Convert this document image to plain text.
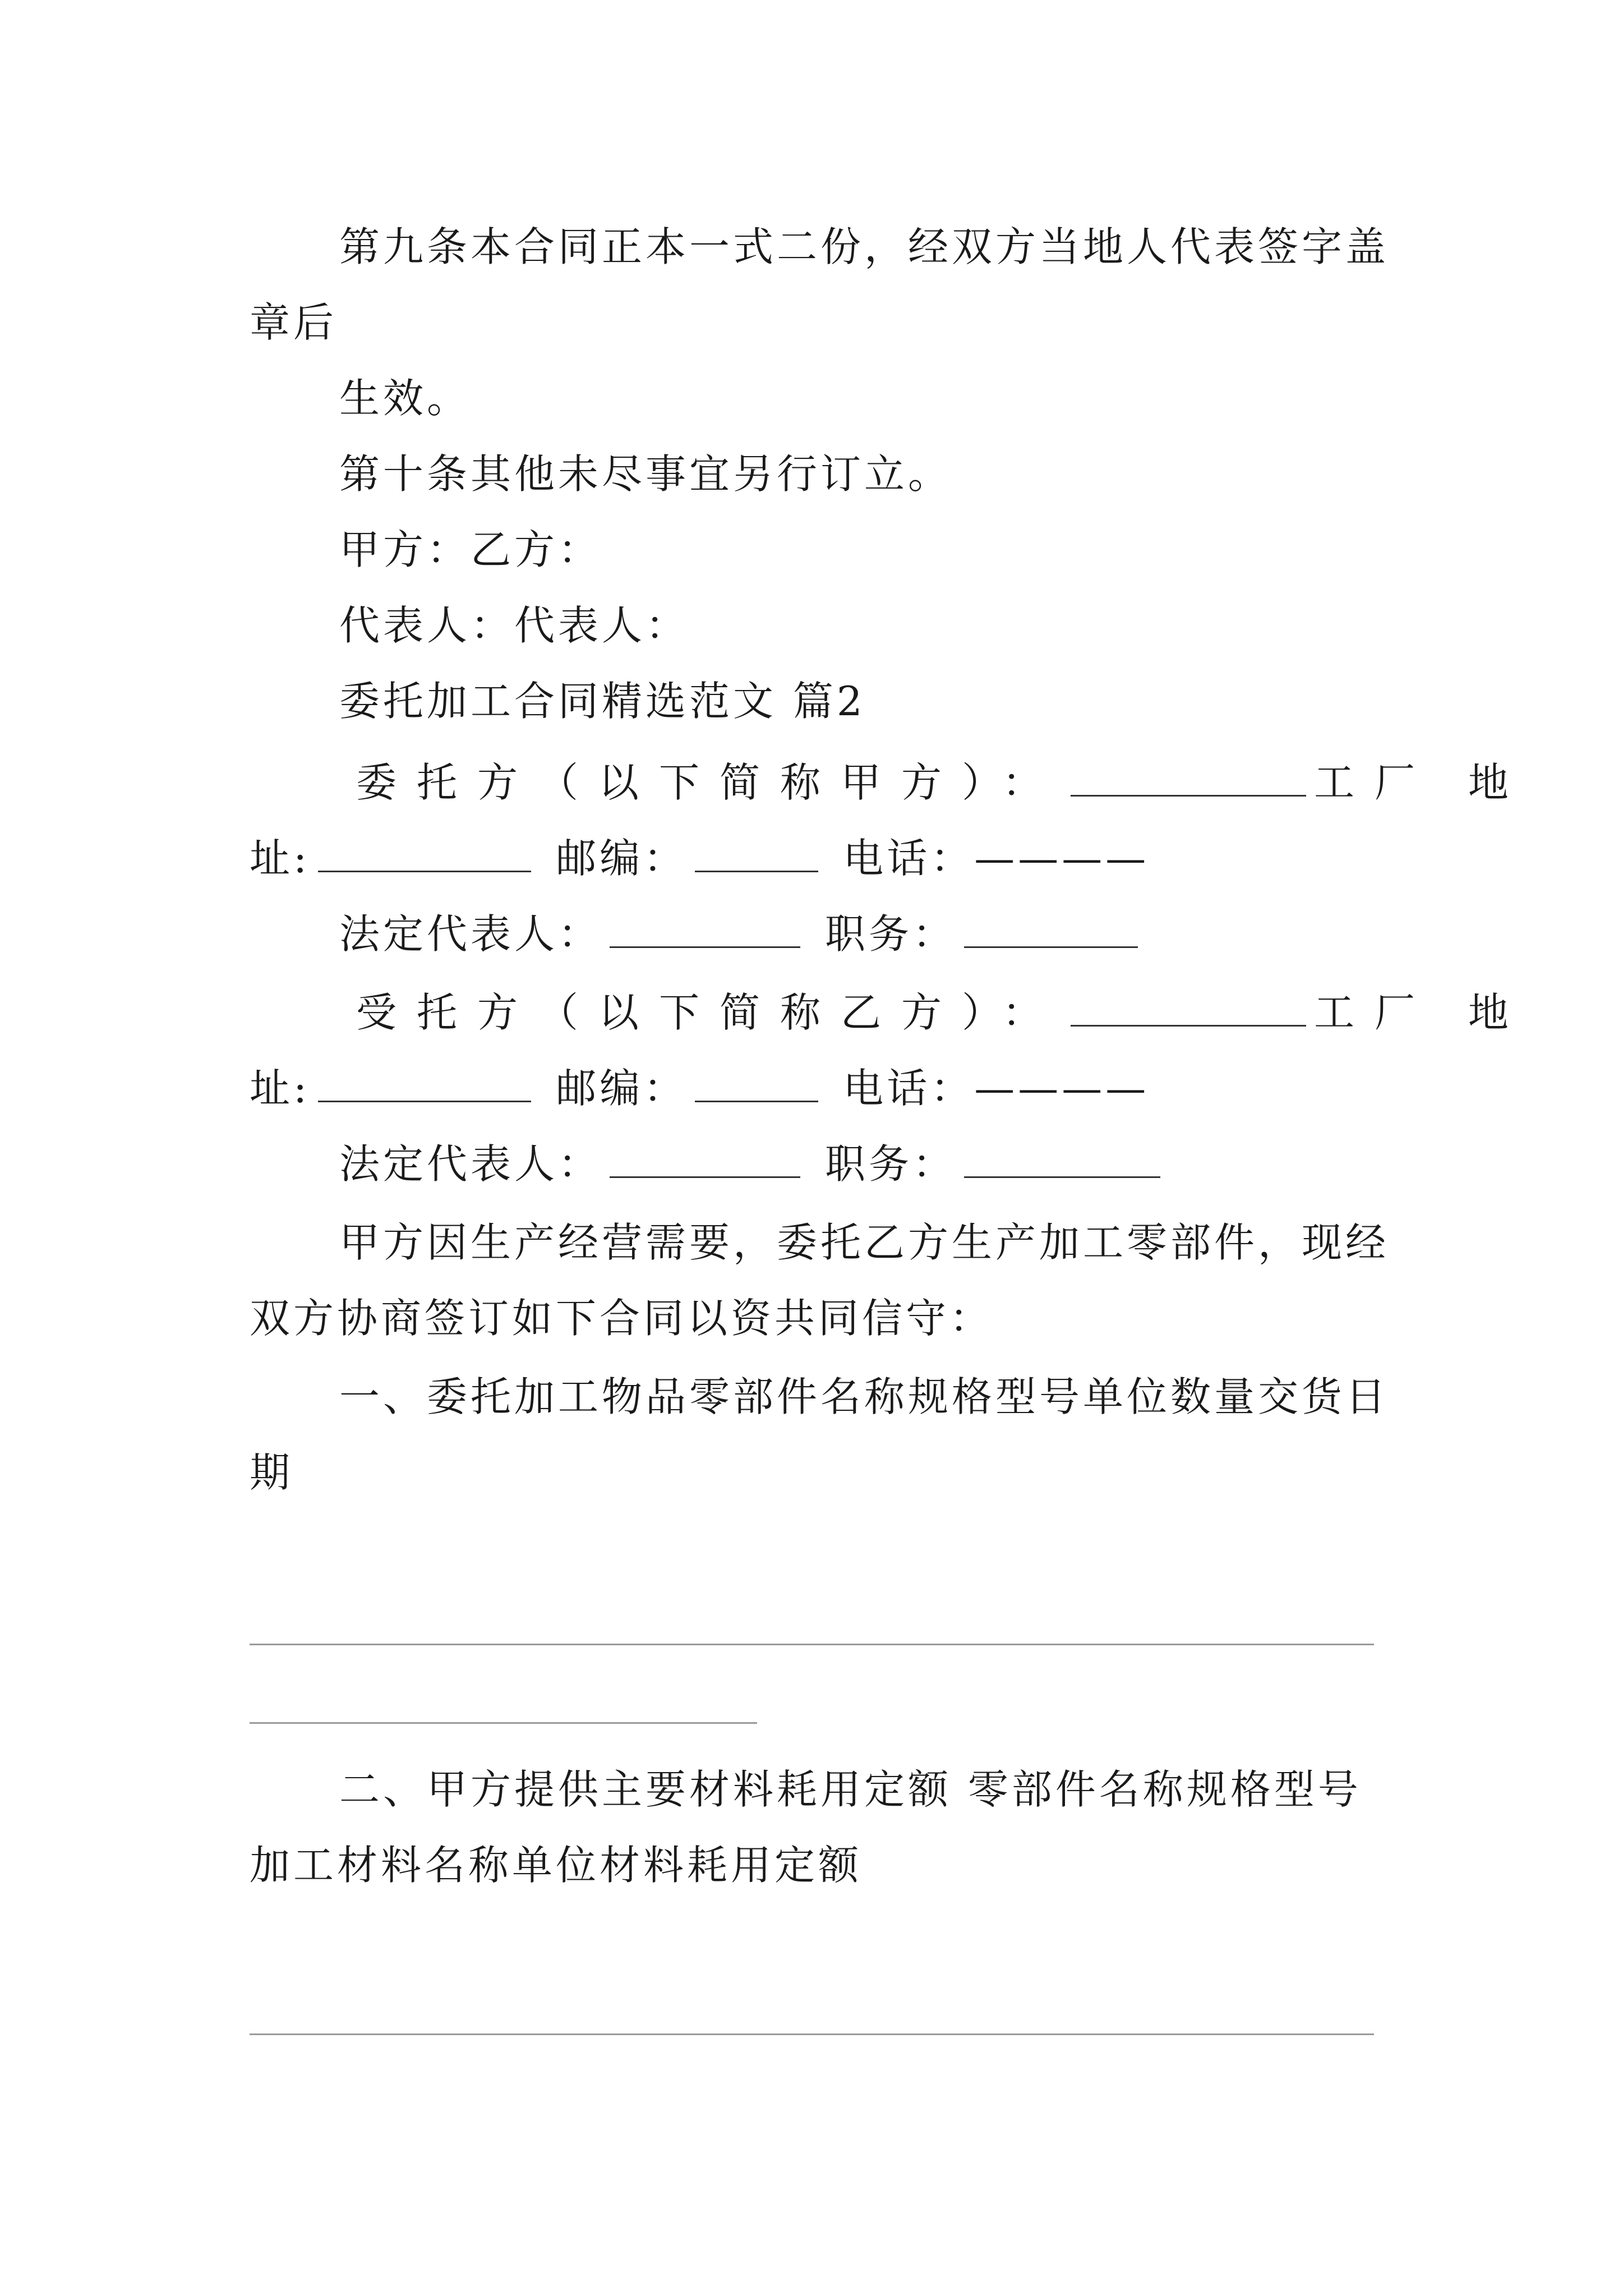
第九条本合同正本一式二份，经双方当地人代表签字盖
章后
生效。
第十条其他未尽事宜另行订立。
甲方：乙方：
代表人：代表人：
委托加工合同精选范文 篇2
委托方（以下简称甲方）：	工厂 地
址:	邮编：	电话：————
法定代表人：	职务：
受托方（以下简称乙方）：	工厂 地
址:	邮编：	电话：————
法定代表人：	职务：
甲方因生产经营需要，委托乙方生产加工零部件，现经
双方协商签订如下合同以资共同信守：
一、委托加工物品零部件名称规格型号单位数量交货日
期
二、甲方提供主要材料耗用定额 零部件名称规格型号
加工材料名称单位材料耗用定额
